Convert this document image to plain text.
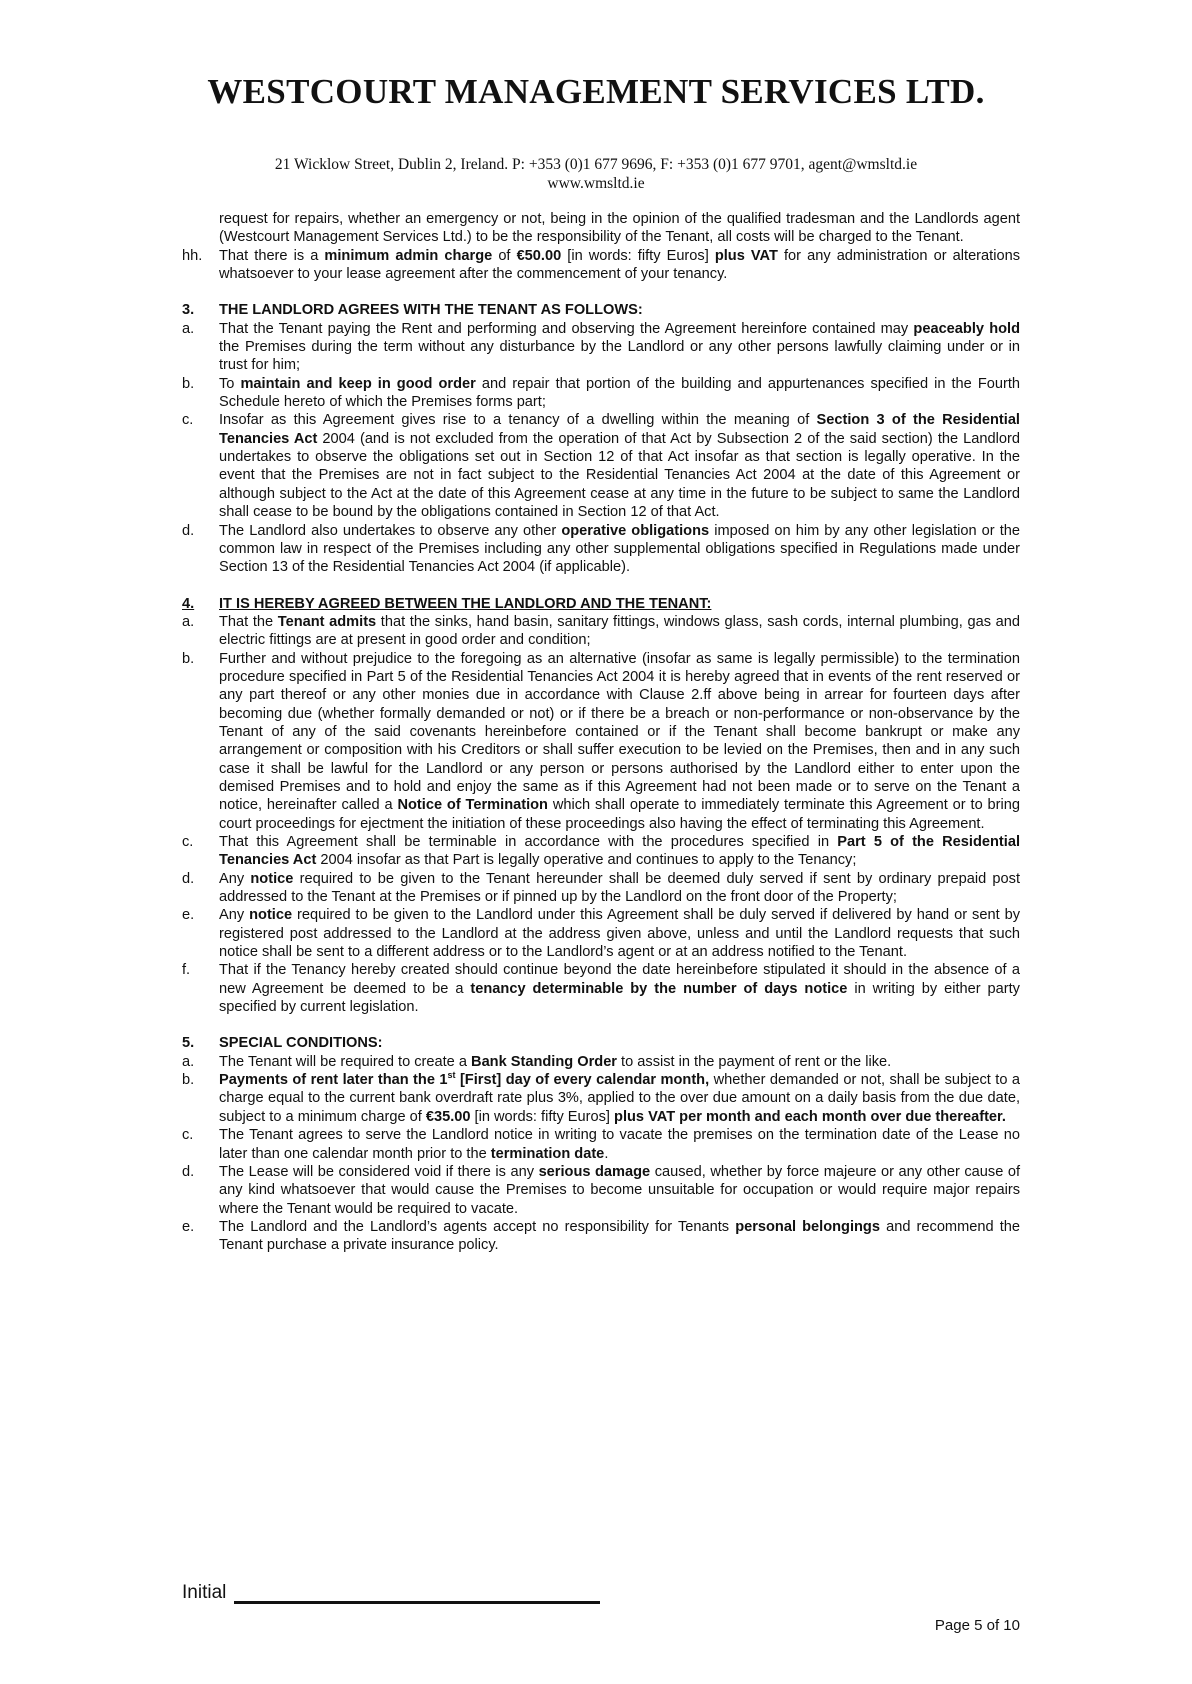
WESTCOURT MANAGEMENT SERVICES LTD.
21 Wicklow Street, Dublin 2, Ireland. P: +353 (0)1 677 9696, F: +353 (0)1 677 9701, agent@wmsltd.ie
www.wmsltd.ie
request for repairs, whether an emergency or not, being in the opinion of the qualified tradesman and the Landlords agent (Westcourt Management Services Ltd.) to be the responsibility of the Tenant, all costs will be charged to the Tenant.
hh.	That there is a minimum admin charge of €50.00 [in words: fifty Euros] plus VAT for any administration or alterations whatsoever to your lease agreement after the commencement of your tenancy.
3.	THE LANDLORD AGREES WITH THE TENANT AS FOLLOWS:
a.	That the Tenant paying the Rent and performing and observing the Agreement hereinfore contained may peaceably hold the Premises during the term without any disturbance by the Landlord or any other persons lawfully claiming under or in trust for him;
b.	To maintain and keep in good order and repair that portion of the building and appurtenances specified in the Fourth Schedule hereto of which the Premises forms part;
c.	Insofar as this Agreement gives rise to a tenancy of a dwelling within the meaning of Section 3 of the Residential Tenancies Act 2004 (and is not excluded from the operation of that Act by Subsection 2 of the said section) the Landlord undertakes to observe the obligations set out in Section 12 of that Act insofar as that section is legally operative. In the event that the Premises are not in fact subject to the Residential Tenancies Act 2004 at the date of this Agreement or although subject to the Act at the date of this Agreement cease at any time in the future to be subject to same the Landlord shall cease to be bound by the obligations contained in Section 12 of that Act.
d.	The Landlord also undertakes to observe any other operative obligations imposed on him by any other legislation or the common law in respect of the Premises including any other supplemental obligations specified in Regulations made under Section 13 of the Residential Tenancies Act 2004 (if applicable).
4.	IT IS HEREBY AGREED BETWEEN THE LANDLORD AND THE TENANT:
a.	That the Tenant admits that the sinks, hand basin, sanitary fittings, windows glass, sash cords, internal plumbing, gas and electric fittings are at present in good order and condition;
b.	Further and without prejudice to the foregoing as an alternative (insofar as same is legally permissible) to the termination procedure specified in Part 5 of the Residential Tenancies Act 2004 it is hereby agreed that in events of the rent reserved or any part thereof or any other monies due in accordance with Clause 2.ff above being in arrear for fourteen days after becoming due (whether formally demanded or not) or if there be a breach or non-performance or non-observance by the Tenant of any of the said covenants hereinbefore contained or if the Tenant shall become bankrupt or make any arrangement or composition with his Creditors or shall suffer execution to be levied on the Premises, then and in any such case it shall be lawful for the Landlord or any person or persons authorised by the Landlord either to enter upon the demised Premises and to hold and enjoy the same as if this Agreement had not been made or to serve on the Tenant a notice, hereinafter called a Notice of Termination which shall operate to immediately terminate this Agreement or to bring court proceedings for ejectment the initiation of these proceedings also having the effect of terminating this Agreement.
c.	That this Agreement shall be terminable in accordance with the procedures specified in Part 5 of the Residential Tenancies Act 2004 insofar as that Part is legally operative and continues to apply to the Tenancy;
d.	Any notice required to be given to the Tenant hereunder shall be deemed duly served if sent by ordinary prepaid post addressed to the Tenant at the Premises or if pinned up by the Landlord on the front door of the Property;
e.	Any notice required to be given to the Landlord under this Agreement shall be duly served if delivered by hand or sent by registered post addressed to the Landlord at the address given above, unless and until the Landlord requests that such notice shall be sent to a different address or to the Landlord’s agent or at an address notified to the Tenant.
f.	That if the Tenancy hereby created should continue beyond the date hereinbefore stipulated it should in the absence of a new Agreement be deemed to be a tenancy determinable by the number of days notice in writing by either party specified by current legislation.
5.	SPECIAL CONDITIONS:
a.	The Tenant will be required to create a Bank Standing Order to assist in the payment of rent or the like.
b.	Payments of rent later than the 1st [First] day of every calendar month, whether demanded or not, shall be subject to a charge equal to the current bank overdraft rate plus 3%, applied to the over due amount on a daily basis from the due date, subject to a minimum charge of €35.00 [in words: fifty Euros] plus VAT per month and each month over due thereafter.
c.	The Tenant agrees to serve the Landlord notice in writing to vacate the premises on the termination date of the Lease no later than one calendar month prior to the termination date.
d.	The Lease will be considered void if there is any serious damage caused, whether by force majeure or any other cause of any kind whatsoever that would cause the Premises to become unsuitable for occupation or would require major repairs where the Tenant would be required to vacate.
e.	The Landlord and the Landlord’s agents accept no responsibility for Tenants personal belongings and recommend the Tenant purchase a private insurance policy.
Initial
Page 5 of 10
